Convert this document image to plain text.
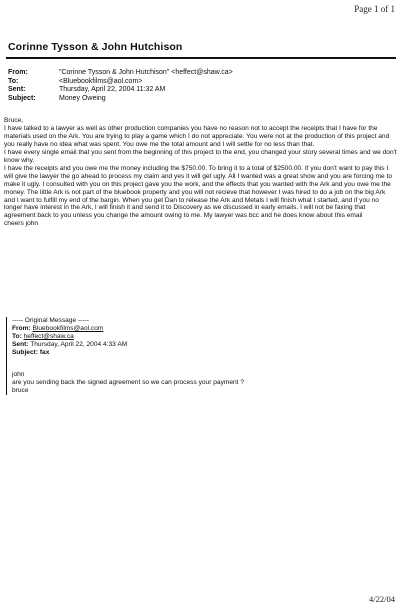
Page 1 of 1
Corinne Tysson & John Hutchison
From:	"Corinne Tysson & John Hutchison" <heffect@shaw.ca>
To:	<Bluebookfilms@aol.com>
Sent:	Thursday, April 22, 2004 11:32 AM
Subject:	Money Oweing

Bruce,

I have talked to a lawyer as well as other production companies you have no reason not to accept the receipts that I have for the materials used on the Ark. You are trying to play a game which I do not appreciate. You were not at the production of this project and you really have no idea what was spent. You owe me the total amount and I will settle for no less than that.

I have every single email that you sent from the beginning of this project to the end, you changed your story several times and we don't know why.

I have the receipts and you owe me the money including the $750.00. To bring it to a total of $2500.00. If you don't want to pay this I will give the lawyer the go ahead to process my claim and yes it will get ugly. All I wanted was a great show and you are forcing me to make it ugly. I consulted with you on this project gave you the work, and the effects that you wanted with the Ark and you owe me the money. The little Ark is not part of the bluebook property and you will not recieve that however I was hired to do a job on the big Ark and I want to fulfill my end of the bargin. When you get Dan to release the Ark and Metals I will finish what I started, and if you no longer have interest in the Ark, I will finish it and send it to Discovery as we discussed in early emails. I will not be faxing that agreement back to you unless you change the amount owing to me. My lawyer was bcc and he does know about this email

cheers john

----- Original Message -----

From: Bluebookfilms@aol.com

To: heffect@shaw.ca

Sent: Thursday, April 22, 2004 4:33 AM

Subject: fax

john

are you sending back the signed agreement so we can process your payment ?

bruce

4/22/04
